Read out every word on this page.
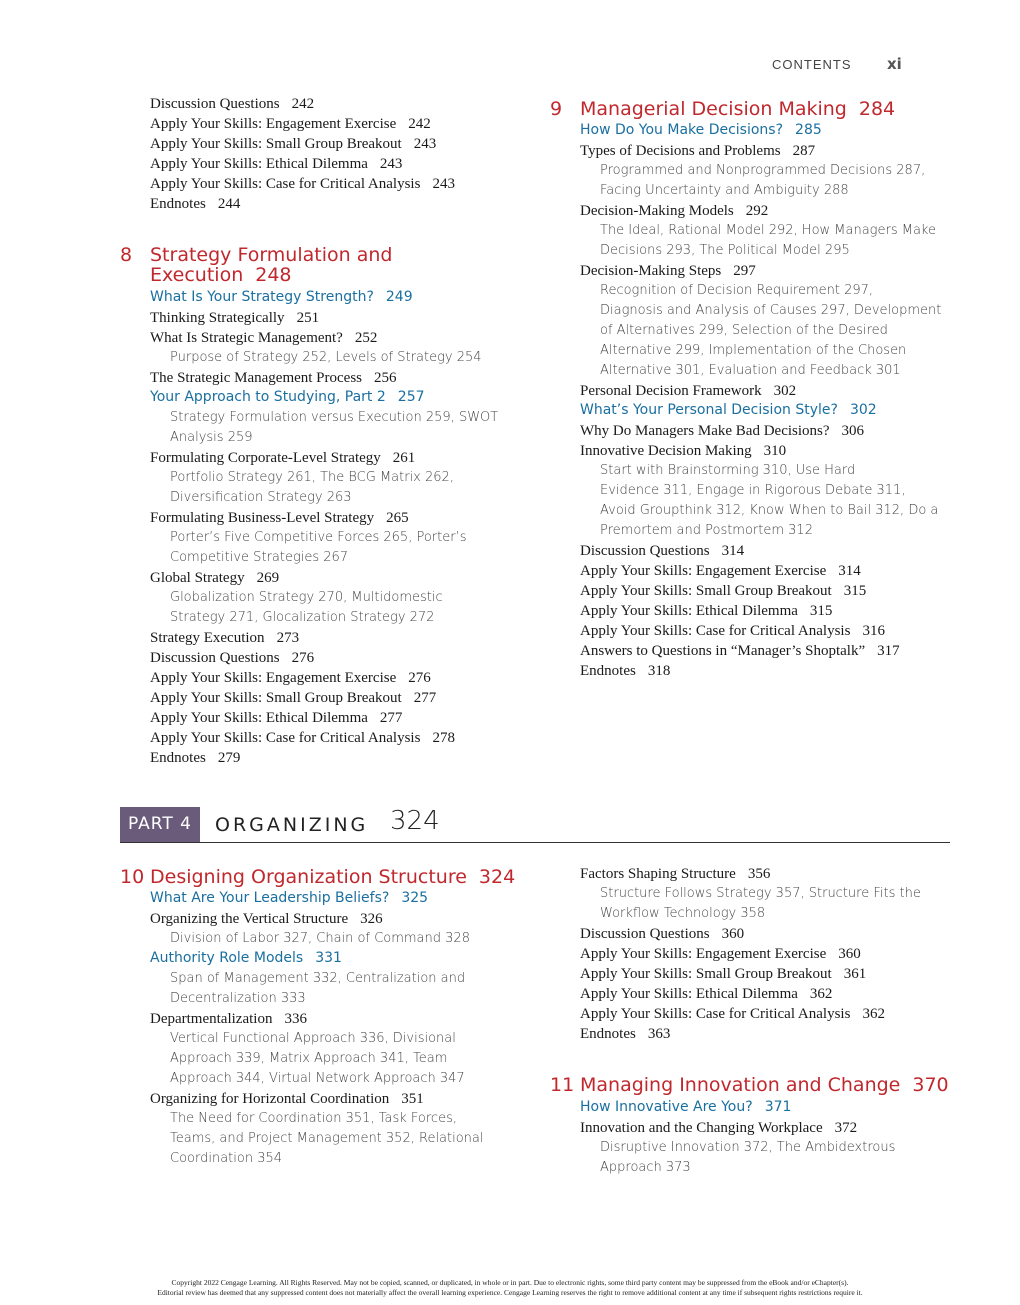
CONTENTS xi
Discussion Questions 242
Apply Your Skills: Engagement Exercise 242
Apply Your Skills: Small Group Breakout 243
Apply Your Skills: Ethical Dilemma 243
Apply Your Skills: Case for Critical Analysis 243
Endnotes 244
8 Strategy Formulation and
Execution 248
What Is Your Strategy Strength? 249
Thinking Strategically 251
What Is Strategic Management? 252
Purpose of Strategy 252, Levels of Strategy 254
The Strategic Management Process 256
Your Approach to Studying, Part 2 257
Strategy Formulation versus Execution 259, SWOT
Analysis 259
Formulating Corporate-Level Strategy 261
Portfolio Strategy 261, The BCG Matrix 262,
Diversification Strategy 263
Formulating Business-Level Strategy 265
Porter’s Five Competitive Forces 265, Porter’s
Competitive Strategies 267
Global Strategy 269
Globalization Strategy 270, Multidomestic
Strategy 271, Glocalization Strategy 272
Strategy Execution 273
Discussion Questions 276
Apply Your Skills: Engagement Exercise 276
Apply Your Skills: Small Group Breakout 277
Apply Your Skills: Ethical Dilemma 277
Apply Your Skills: Case for Critical Analysis 278
Endnotes 279
9 Managerial Decision Making 284
How Do You Make Decisions? 285
Types of Decisions and Problems 287
Programmed and Nonprogrammed Decisions 287,
Facing Uncertainty and Ambiguity 288
Decision-Making Models 292
The Ideal, Rational Model 292, How Managers Make
Decisions 293, The Political Model 295
Decision-Making Steps 297
Recognition of Decision Requirement 297,
Diagnosis and Analysis of Causes 297, Development
of Alternatives 299, Selection of the Desired
Alternative 299, Implementation of the Chosen
Alternative 301, Evaluation and Feedback 301
Personal Decision Framework 302
What’s Your Personal Decision Style? 302
Why Do Managers Make Bad Decisions? 306
Innovative Decision Making 310
Start with Brainstorming 310, Use Hard
Evidence 311, Engage in Rigorous Debate 311,
Avoid Groupthink 312, Know When to Bail 312, Do a
Premortem and Postmortem 312
Discussion Questions 314
Apply Your Skills: Engagement Exercise 314
Apply Your Skills: Small Group Breakout 315
Apply Your Skills: Ethical Dilemma 315
Apply Your Skills: Case for Critical Analysis 316
Answers to Questions in “Manager’s Shoptalk” 317
Endnotes 318
PART 4	ORGANIZING 324
10 Designing Organization Structure 324
What Are Your Leadership Beliefs? 325
Organizing the Vertical Structure 326
Division of Labor 327, Chain of Command 328
Authority Role Models 331
Span of Management 332, Centralization and
Decentralization 333
Departmentalization 336
Vertical Functional Approach 336, Divisional
Approach 339, Matrix Approach 341, Team
Approach 344, Virtual Network Approach 347
Organizing for Horizontal Coordination 351
The Need for Coordination 351, Task Forces,
Teams, and Project Management 352, Relational
Coordination 354
Factors Shaping Structure 356
Structure Follows Strategy 357, Structure Fits the
Workflow Technology 358
Discussion Questions 360
Apply Your Skills: Engagement Exercise 360
Apply Your Skills: Small Group Breakout 361
Apply Your Skills: Ethical Dilemma 362
Apply Your Skills: Case for Critical Analysis 362
Endnotes 363
11 Managing Innovation and Change 370
How Innovative Are You? 371
Innovation and the Changing Workplace 372
Disruptive Innovation 372, The Ambidextrous
Approach 373
Copyright 2022 Cengage Learning. All Rights Reserved. May not be copied, scanned, or duplicated, in whole or in part. Due to electronic rights, some third party content may be suppressed from the eBook and/or eChapter(s).
Editorial review has deemed that any suppressed content does not materially affect the overall learning experience. Cengage Learning reserves the right to remove additional content at any time if subsequent rights restrictions require it.
